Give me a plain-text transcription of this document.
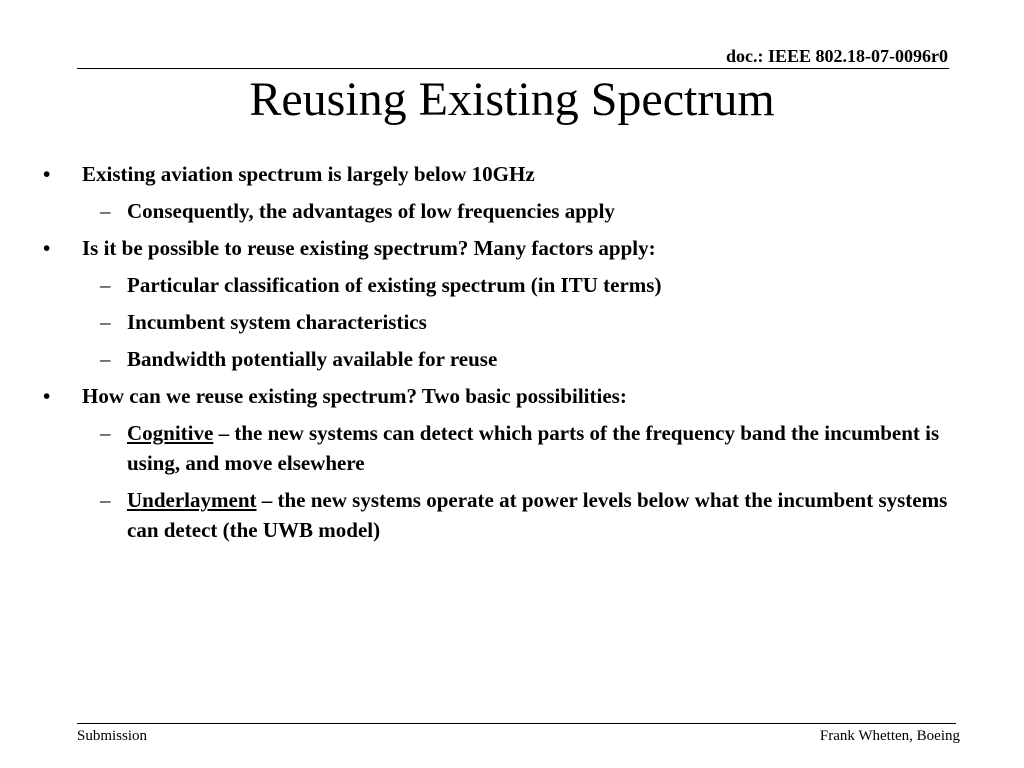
doc.: IEEE 802.18-07-0096r0
Reusing Existing Spectrum
• Existing aviation spectrum is largely below 10GHz
– Consequently, the advantages of low frequencies apply
• Is it be possible to reuse existing spectrum? Many factors apply:
– Particular classification of existing spectrum (in ITU terms)
– Incumbent system characteristics
– Bandwidth potentially available for reuse
• How can we reuse existing spectrum? Two basic possibilities:
– Cognitive – the new systems can detect which parts of the frequency band the incumbent is using, and move elsewhere
– Underlayment – the new systems operate at power levels below what the incumbent systems can detect (the UWB model)
Submission	Frank Whetten, Boeing
